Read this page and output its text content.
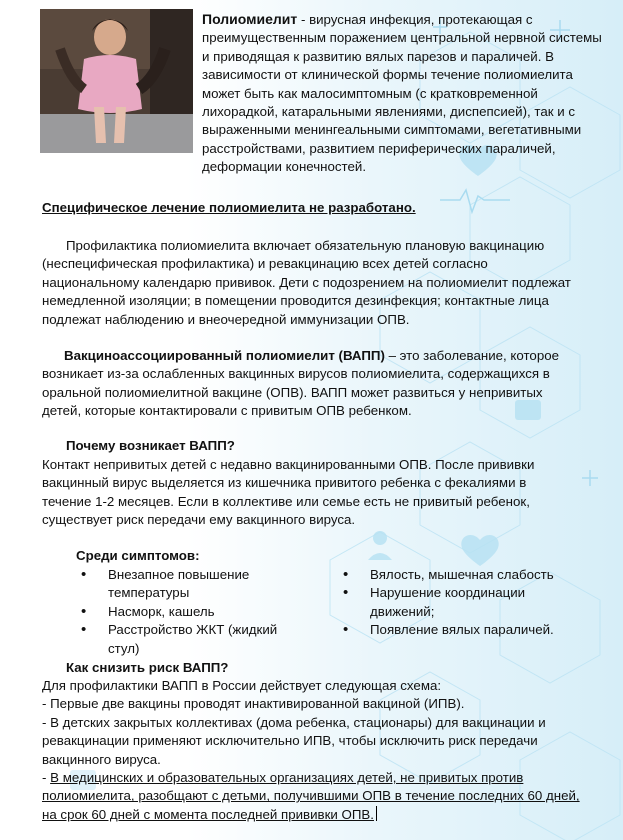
Полиомиелит - вирусная инфекция, протекающая с преимущественным поражением центральной нервной системы и приводящая к развитию вялых парезов и параличей. В зависимости от клинической формы течение полиомиелита может быть как малосимптомным (с кратковременной лихорадкой, катаральными явлениями, диспепсией), так и с выраженными менингеальными симптомами, вегетативными расстройствами, развитием периферических параличей, деформации конечностей.

Специфическое лечение полиомиелита не разработано.

Профилактика полиомиелита включает обязательную плановую вакцинацию (неспецифическая профилактика) и ревакцинацию всех детей согласно национальному календарю прививок. Дети с подозрением на полиомиелит подлежат немедленной изоляции; в помещении проводится дезинфекция; контактные лица подлежат наблюдению и внеочередной иммунизации ОПВ.

Вакциноассоциированный полиомиелит (ВАПП) – это заболевание, которое возникает из-за ослабленных вакцинных вирусов полиомиелита, содержащихся в оральной полиомиелитной вакцине (ОПВ). ВАПП может развиться у непривитых детей, которые контактировали с привитым ОПВ ребенком.

Почему возникает ВАПП?

Контакт непривитых детей с недавно вакцинированными ОПВ. После прививки вакцинный вирус выделяется из кишечника привитого ребенка с фекалиями в течение 1-2 месяцев. Если в коллективе или семье есть не привитый ребенок, существует риск передачи ему вакцинного вируса.

Среди симптомов:

• Внезапное повышение температуры
• Насморк, кашель
• Расстройство ЖКТ (жидкий стул)
• Вялость, мышечная слабость
• Нарушение координации движений;
• Появление вялых параличей.

Как снизить риск ВАПП?

Для профилактики ВАПП в России действует следующая схема:

- Первые две вакцины проводят инактивированной вакциной (ИПВ).

- В детских закрытых коллективах (дома ребенка, стационары) для вакцинации и ревакцинации применяют исключительно ИПВ, чтобы исключить риск передачи вакцинного вируса.

- В медицинских и образовательных организациях детей, не привитых против полиомиелита, разобщают с детьми, получившими ОПВ в течение последних 60 дней, на срок 60 дней с момента последней прививки ОПВ.
